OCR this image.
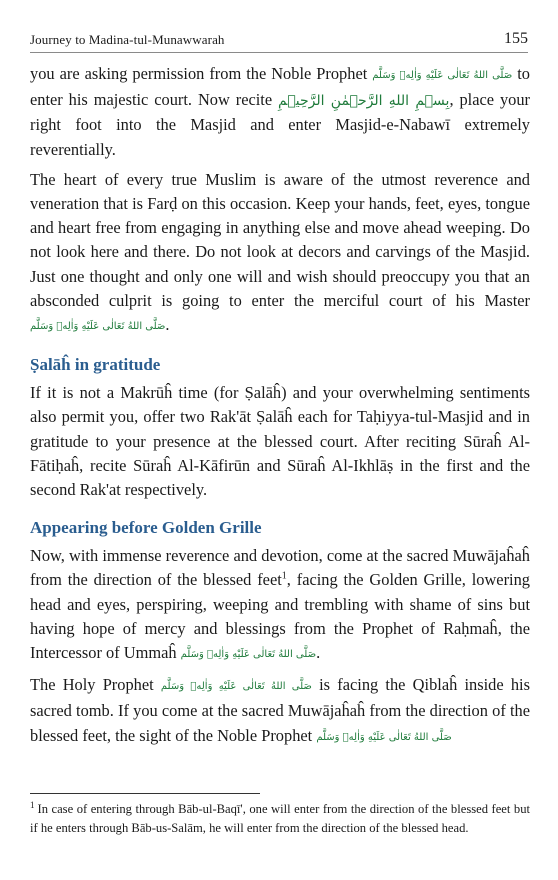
Journey to Madina-tul-Munawwarah	155

you are asking permission from the Noble Prophet صَلَّى اللهُ تَعَالٰی عَلَیْهِ وَاٰلِهٖ وَسَلَّم to enter his majestic court. Now recite بِسۡمِ اللهِ الرَّحۡمٰنِ الرَّحِیۡمِ, place your right foot into the Masjid and enter Masjid-e-Nabawī extremely reverentially.

The heart of every true Muslim is aware of the utmost reverence and veneration that is Farḍ on this occasion. Keep your hands, feet, eyes, tongue and heart free from engaging in anything else and move ahead weeping. Do not look here and there. Do not look at decors and carvings of the Masjid. Just one thought and only one will and wish should preoccupy you that an absconded culprit is going to enter the merciful court of his Master صَلَّى اللهُ تَعَالٰی عَلَیْهِ وَاٰلِهٖ وَسَلَّم.

Ṣalāĥ in gratitude

If it is not a Makrūĥ time (for Ṣalāĥ) and your overwhelming sentiments also permit you, offer two Rak'āt Ṣalāĥ each for Taḥiyya-tul-Masjid and in gratitude to your presence at the blessed court. After reciting Sūraĥ Al-Fātiḥaĥ, recite Sūraĥ Al-Kāfirūn and Sūraĥ Al-Ikhlāṣ in the first and the second Rak'at respectively.

Appearing before Golden Grille

Now, with immense reverence and devotion, come at the sacred Muwājaĥaĥ from the direction of the blessed feet$^1$, facing the Golden Grille, lowering head and eyes, perspiring, weeping and trembling with shame of sins but having hope of mercy and blessings from the Prophet of Raḥmaĥ, the Intercessor of Ummaĥ صَلَّى اللهُ تَعَالٰی عَلَیْهِ وَاٰلِهٖ وَسَلَّم.

The Holy Prophet صَلَّى اللهُ تَعَالٰی عَلَیْهِ وَاٰلِهٖ وَسَلَّم is facing the Qiblaĥ inside his sacred tomb. If you come at the sacred Muwājaĥaĥ from the direction of the blessed feet, the sight of the Noble Prophet صَلَّى اللهُ تَعَالٰی عَلَیْهِ وَاٰلِهٖ وَسَلَّم

$^1$ In case of entering through Bāb-ul-Baqī', one will enter from the direction of the blessed feet but if he enters through Bāb-us-Salām, he will enter from the direction of the blessed head.
